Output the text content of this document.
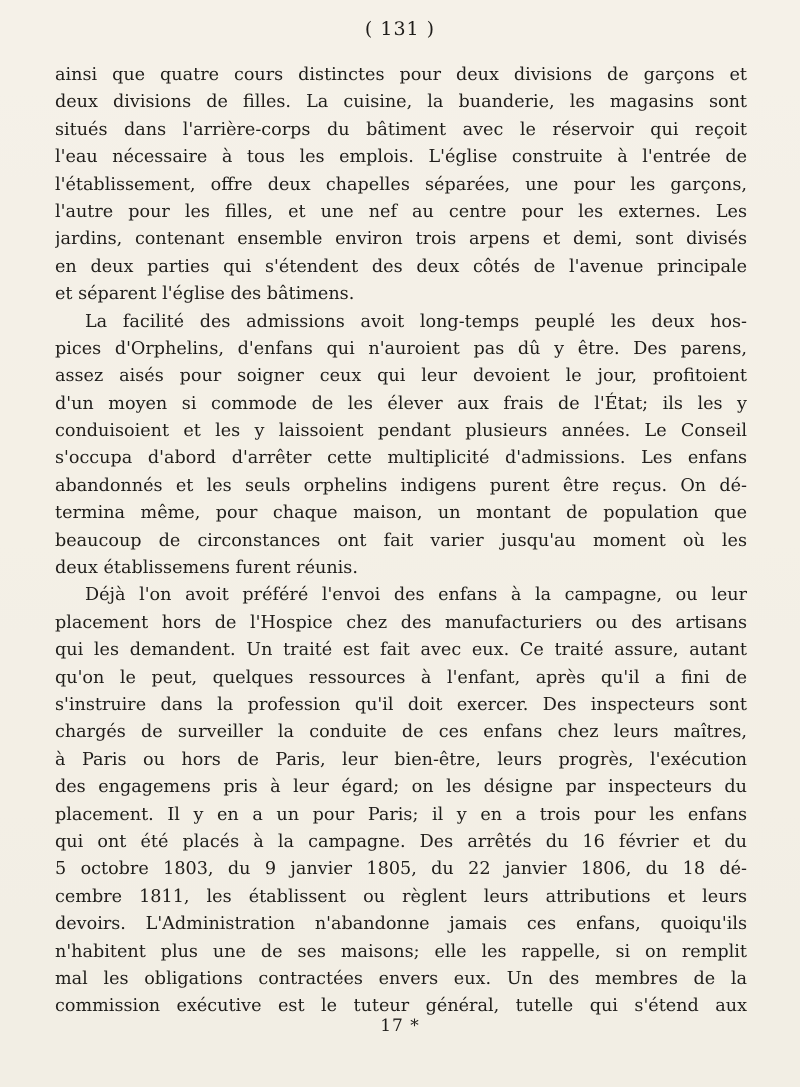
( 131 )
ainsi que quatre cours distinctes pour deux divisions de garçons et
deux divisions de filles. La cuisine, la buanderie, les magasins sont
situés dans l'arrière-corps du bâtiment avec le réservoir qui reçoit
l'eau nécessaire à tous les emplois. L'église construite à l'entrée de
l'établissement, offre deux chapelles séparées, une pour les garçons,
l'autre pour les filles, et une nef au centre pour les externes. Les
jardins, contenant ensemble environ trois arpens et demi, sont divisés
en deux parties qui s'étendent des deux côtés de l'avenue principale
et séparent l'église des bâtimens.
La facilité des admissions avoit long-temps peuplé les deux hos-
pices d'Orphelins, d'enfans qui n'auroient pas dû y être. Des parens,
assez aisés pour soigner ceux qui leur devoient le jour, profitoient
d'un moyen si commode de les élever aux frais de l'État; ils les y
conduisoient et les y laissoient pendant plusieurs années. Le Conseil
s'occupa d'abord d'arrêter cette multiplicité d'admissions. Les enfans
abandonnés et les seuls orphelins indigens purent être reçus. On dé-
termina même, pour chaque maison, un montant de population que
beaucoup de circonstances ont fait varier jusqu'au moment où les
deux établissemens furent réunis.
Déjà l'on avoit préféré l'envoi des enfans à la campagne, ou leur
placement hors de l'Hospice chez des manufacturiers ou des artisans
qui les demandent. Un traité est fait avec eux. Ce traité assure, autant
qu'on le peut, quelques ressources à l'enfant, après qu'il a fini de
s'instruire dans la profession qu'il doit exercer. Des inspecteurs sont
chargés de surveiller la conduite de ces enfans chez leurs maîtres,
à Paris ou hors de Paris, leur bien-être, leurs progrès, l'exécution
des engagemens pris à leur égard; on les désigne par inspecteurs du
placement. Il y en a un pour Paris; il y en a trois pour les enfans
qui ont été placés à la campagne. Des arrêtés du 16 février et du
5 octobre 1803, du 9 janvier 1805, du 22 janvier 1806, du 18 dé-
cembre 1811, les établissent ou règlent leurs attributions et leurs
devoirs. L'Administration n'abandonne jamais ces enfans, quoiqu'ils
n'habitent plus une de ses maisons; elle les rappelle, si on remplit
mal les obligations contractées envers eux. Un des membres de la
commission exécutive est le tuteur général, tutelle qui s'étend aux
17 *
